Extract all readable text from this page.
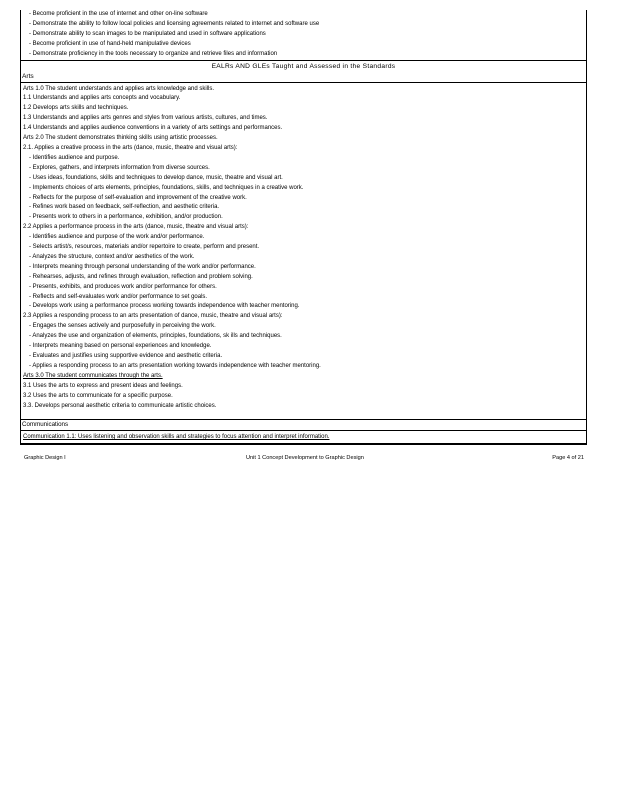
- Become proficient in the use of internet and other on-line software
- Demonstrate the ability to follow local policies and licensing agreements related to internet and software use
- Demonstrate ability to scan images to be manipulated and used in software applications
- Become proficient in use of hand-held manipulative devices
- Demonstrate proficiency in the tools necessary to organize and retrieve files and information
EALRs AND GLEs Taught and Assessed in the Standards
Arts
Arts 1.0 The student understands and applies arts knowledge and skills.
1.1 Understands and applies arts concepts and vocabulary.
1.2 Develops arts skills and techniques.
1.3 Understands and applies arts genres and styles from various artists, cultures, and times.
1.4 Understands and applies audience conventions in a variety of arts settings and performances.
Arts 2.0 The student demonstrates thinking skills using artistic processes.
2.1. Applies a creative process in the arts (dance, music, theatre and visual arts):
- Identifies audience and purpose.
- Explores, gathers, and interprets information from diverse sources.
- Uses ideas, foundations, skills and techniques to develop dance, music, theatre and visual art.
- Implements choices of arts elements, principles, foundations, skills, and techniques in a creative work.
- Reflects for the purpose of self-evaluation and improvement of the creative work.
- Refines work based on feedback, self-reflection, and aesthetic criteria.
- Presents work to others in a performance, exhibition, and/or production.
2.2 Applies a performance process in the arts (dance, music, theatre and visual arts):
- Identifies audience and purpose of the work and/or performance.
- Selects artist/s, resources, materials and/or repertoire to create, perform and present.
- Analyzes the structure, context and/or aesthetics of the work.
- Interprets meaning through personal understanding of the work and/or performance.
- Rehearses, adjusts, and refines through evaluation, reflection and problem solving.
- Presents, exhibits, and produces work and/or performance for others.
- Reflects and self-evaluates work and/or performance to set goals.
- Develops work using a performance process working towards independence with teacher mentoring.
2.3 Applies a responding process to an arts presentation of dance, music, theatre and visual arts):
- Engages the senses actively and purposefully in perceiving the work.
- Analyzes the use and organization of elements, principles, foundations, sk ills and techniques.
- Interprets meaning based on personal experiences and knowledge.
- Evaluates and justifies using supportive evidence and aesthetic criteria.
- Applies a responding process to an arts presentation working towards independence with teacher mentoring.
Arts 3.0 The student communicates through the arts.
3.1 Uses the arts to express and present ideas and feelings.
3.2 Uses the arts to communicate for a specific purpose.
3.3. Develops personal aesthetic criteria to communicate artistic choices.
Communications
Communication 1.1: Uses listening and observation skills and strategies to focus attention and interpret information.
Graphic Design I	Unit 1 Concept Development to Graphic Design	Page 4 of 21
